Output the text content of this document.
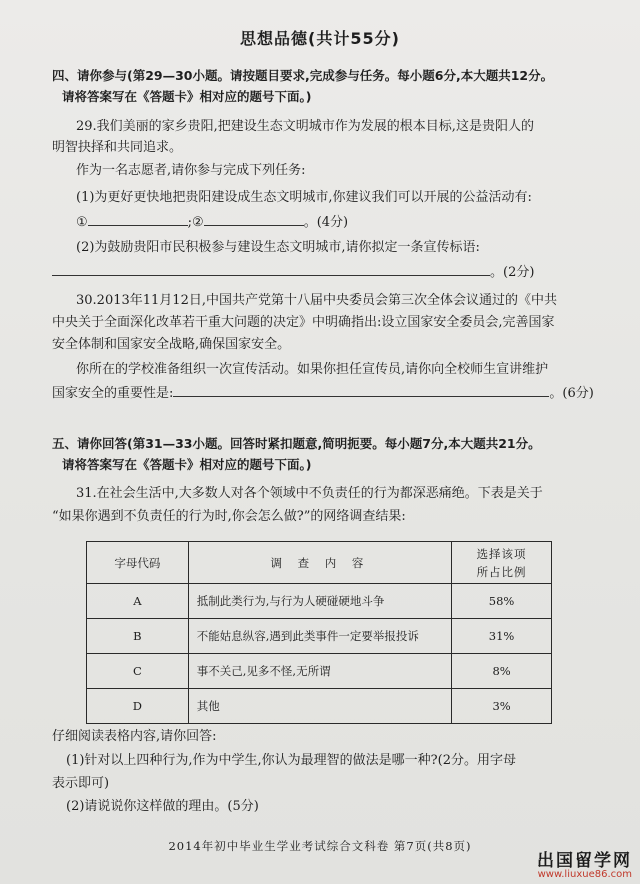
思想品德(共计55分)
四、请你参与(第29—30小题。请按题目要求,完成参与任务。每小题6分,本大题共12分。
请将答案写在《答题卡》相对应的题号下面。)
29.我们美丽的家乡贵阳,把建设生态文明城市作为发展的根本目标,这是贵阳人的
明智抉择和共同追求。
作为一名志愿者,请你参与完成下列任务:
(1)为更好更快地把贵阳建设成生态文明城市,你建议我们可以开展的公益活动有:
①	;②	。(4分)
(2)为鼓励贵阳市民积极参与建设生态文明城市,请你拟定一条宣传标语:
。(2分)
30.2013年11月12日,中国共产党第十八届中央委员会第三次全体会议通过的《中共
中央关于全面深化改革若干重大问题的决定》中明确指出:设立国家安全委员会,完善国家
安全体制和国家安全战略,确保国家安全。
你所在的学校准备组织一次宣传活动。如果你担任宣传员,请你向全校师生宣讲维护
国家安全的重要性是:	。(6分)
五、请你回答(第31—33小题。回答时紧扣题意,简明扼要。每小题7分,本大题共21分。
请将答案写在《答题卡》相对应的题号下面。)
31.在社会生活中,大多数人对各个领域中不负责任的行为都深恶痛绝。下表是关于
“如果你遇到不负责任的行为时,你会怎么做?”的网络调查结果:
字母代码	调 查 内 容	选择该项
所占比例

A	抵制此类行为,与行为人硬碰硬地斗争	58%
B	不能姑息纵容,遇到此类事件一定要举报投诉	31%
C	事不关己,见多不怪,无所谓	8%
D	其他	3%
仔细阅读表格内容,请你回答:
(1)针对以上四种行为,作为中学生,你认为最理智的做法是哪一种?(2分。用字母
表示即可)
(2)请说说你这样做的理由。(5分)
2014年初中毕业生学业考试综合文科卷 第7页(共8页)
出国留学网
www.liuxue86.com
